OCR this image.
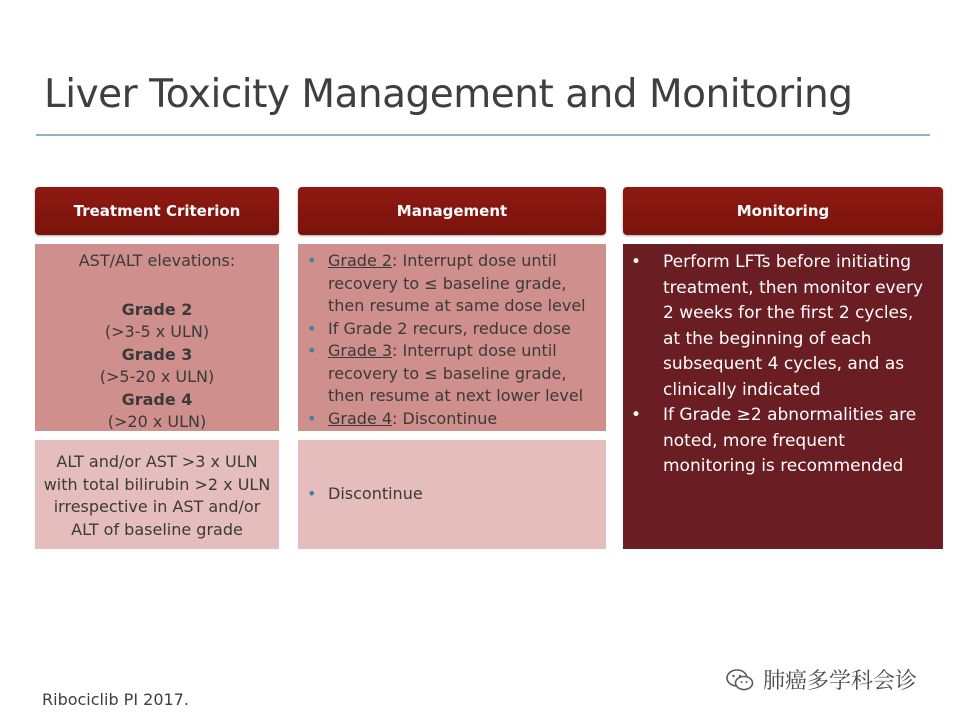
Liver Toxicity Management and Monitoring
Treatment Criterion	Management	Monitoring
AST/ALT elevations:
Grade 2
(>3-5 x ULN)
Grade 3
(>5-20 x ULN)
Grade 4
(>20 x ULN)
• Grade 2: Interrupt dose until recovery to ≤ baseline grade, then resume at same dose level
• If Grade 2 recurs, reduce dose
• Grade 3: Interrupt dose until recovery to ≤ baseline grade, then resume at next lower level
• Grade 4: Discontinue
ALT and/or AST >3 x ULN with total bilirubin >2 x ULN irrespective in AST and/or ALT of baseline grade
• Discontinue
• Perform LFTs before initiating treatment, then monitor every 2 weeks for the first 2 cycles, at the beginning of each subsequent 4 cycles, and as clinically indicated
• If Grade ≥2 abnormalities are noted, more frequent monitoring is recommended
Ribociclib PI 2017.
肺癌多学科会诊
